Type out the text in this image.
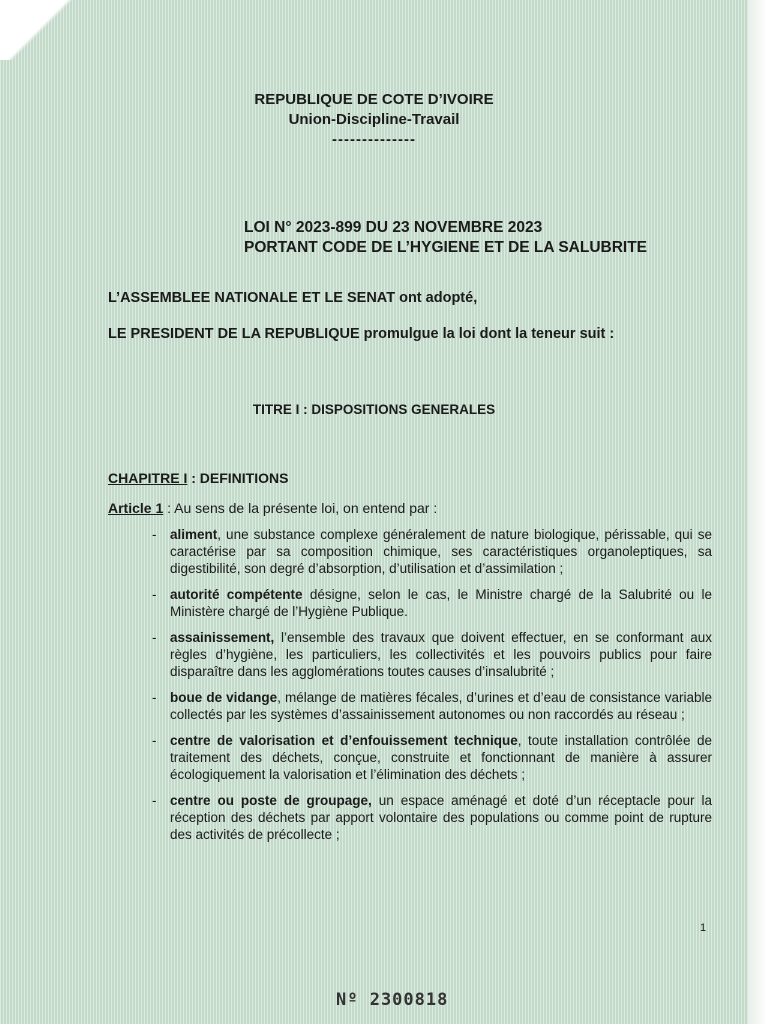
REPUBLIQUE DE COTE D’IVOIRE
Union-Discipline-Travail
--------------
LOI N° 2023-899 DU 23 NOVEMBRE 2023
PORTANT CODE DE L’HYGIENE ET DE LA SALUBRITE
L’ASSEMBLEE NATIONALE ET LE SENAT ont adopté,
LE PRESIDENT DE LA REPUBLIQUE promulgue la loi dont la teneur suit :
TITRE I : DISPOSITIONS GENERALES
CHAPITRE I : DEFINITIONS
Article 1 : Au sens de la présente loi, on entend par :
- aliment, une substance complexe généralement de nature biologique, périssable, qui se caractérise par sa composition chimique, ses caractéristiques organoleptiques, sa digestibilité, son degré d’absorption, d’utilisation et d’assimilation ;
- autorité compétente désigne, selon le cas, le Ministre chargé de la Salubrité ou le Ministère chargé de l’Hygiène Publique.
- assainissement, l’ensemble des travaux que doivent effectuer, en se conformant aux règles d’hygiène, les particuliers, les collectivités et les pouvoirs publics pour faire disparaître dans les agglomérations toutes causes d’insalubrité ;
- boue de vidange, mélange de matières fécales, d’urines et d’eau de consistance variable collectés par les systèmes d’assainissement autonomes ou non raccordés au réseau ;
- centre de valorisation et d’enfouissement technique, toute installation contrôlée de traitement des déchets, conçue, construite et fonctionnant de manière à assurer écologiquement la valorisation et l’élimination des déchets ;
- centre ou poste de groupage, un espace aménagé et doté d’un réceptacle pour la réception des déchets par apport volontaire des populations ou comme point de rupture des activités de précollecte ;
1
Nº 2300818
